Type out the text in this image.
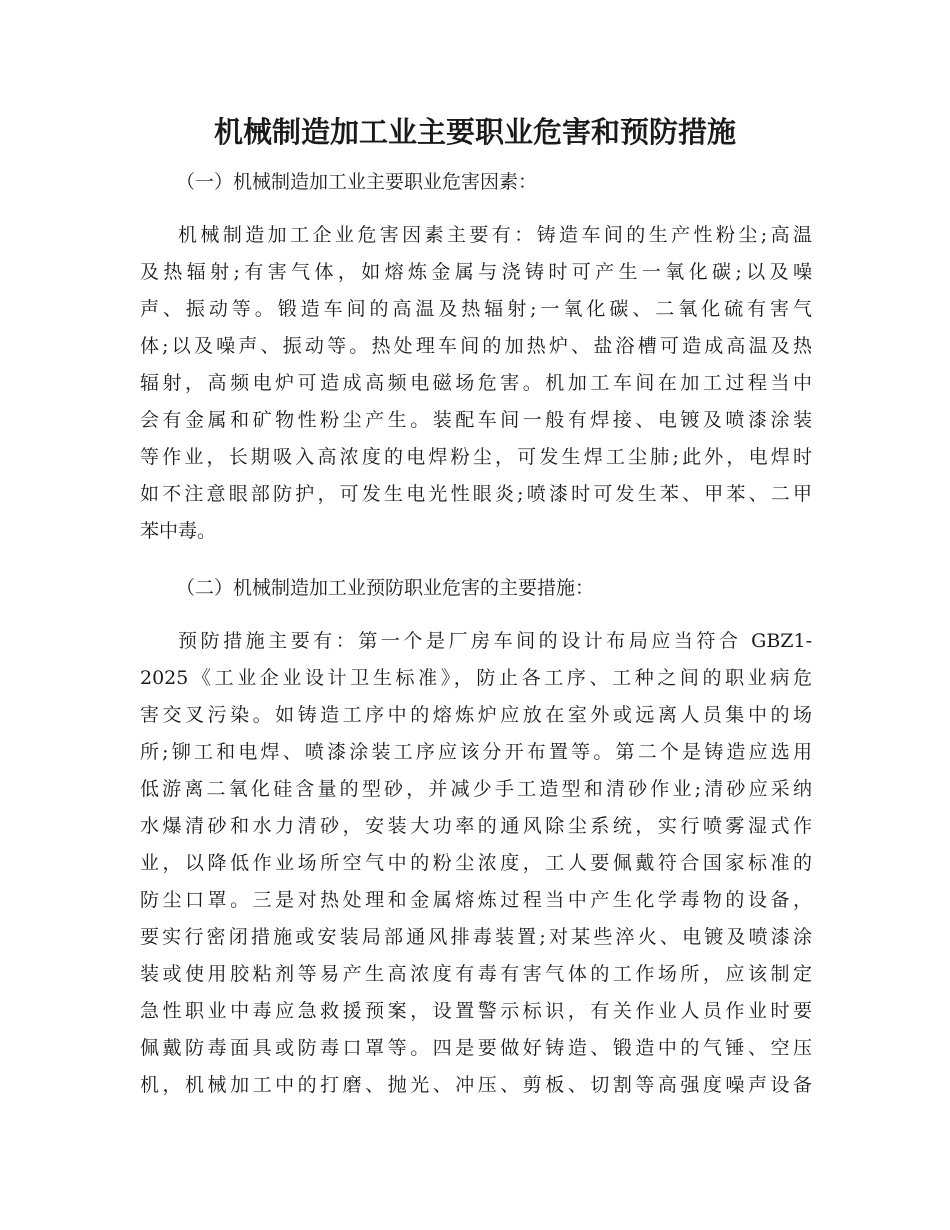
机械制造加工业主要职业危害和预防措施

（一）机械制造加工业主要职业危害因素：

机械制造加工企业危害因素主要有：铸造车间的生产性粉尘;高温
及热辐射;有害气体，如熔炼金属与浇铸时可产生一氧化碳;以及噪
声、振动等。锻造车间的高温及热辐射;一氧化碳、二氧化硫有害气
体;以及噪声、振动等。热处理车间的加热炉、盐浴槽可造成高温及热
辐射，高频电炉可造成高频电磁场危害。机加工车间在加工过程当中
会有金属和矿物性粉尘产生。装配车间一般有焊接、电镀及喷漆涂装
等作业，长期吸入高浓度的电焊粉尘，可发生焊工尘肺;此外，电焊时
如不注意眼部防护，可发生电光性眼炎;喷漆时可发生苯、甲苯、二甲
苯中毒。

（二）机械制造加工业预防职业危害的主要措施：

预防措施主要有：第一个是厂房车间的设计布局应当符合 GBZ1-
2025《工业企业设计卫生标准》，防止各工序、工种之间的职业病危
害交叉污染。如铸造工序中的熔炼炉应放在室外或远离人员集中的场
所;铆工和电焊、喷漆涂装工序应该分开布置等。第二个是铸造应选用
低游离二氧化硅含量的型砂，并减少手工造型和清砂作业;清砂应采纳
水爆清砂和水力清砂，安装大功率的通风除尘系统，实行喷雾湿式作
业，以降低作业场所空气中的粉尘浓度，工人要佩戴符合国家标准的
防尘口罩。三是对热处理和金属熔炼过程当中产生化学毒物的设备，
要实行密闭措施或安装局部通风排毒装置;对某些淬火、电镀及喷漆涂
装或使用胶粘剂等易产生高浓度有毒有害气体的工作场所，应该制定
急性职业中毒应急救援预案，设置警示标识，有关作业人员作业时要
佩戴防毒面具或防毒口罩等。四是要做好铸造、锻造中的气锤、空压
机，机械加工中的打磨、抛光、冲压、剪板、切割等高强度噪声设备
